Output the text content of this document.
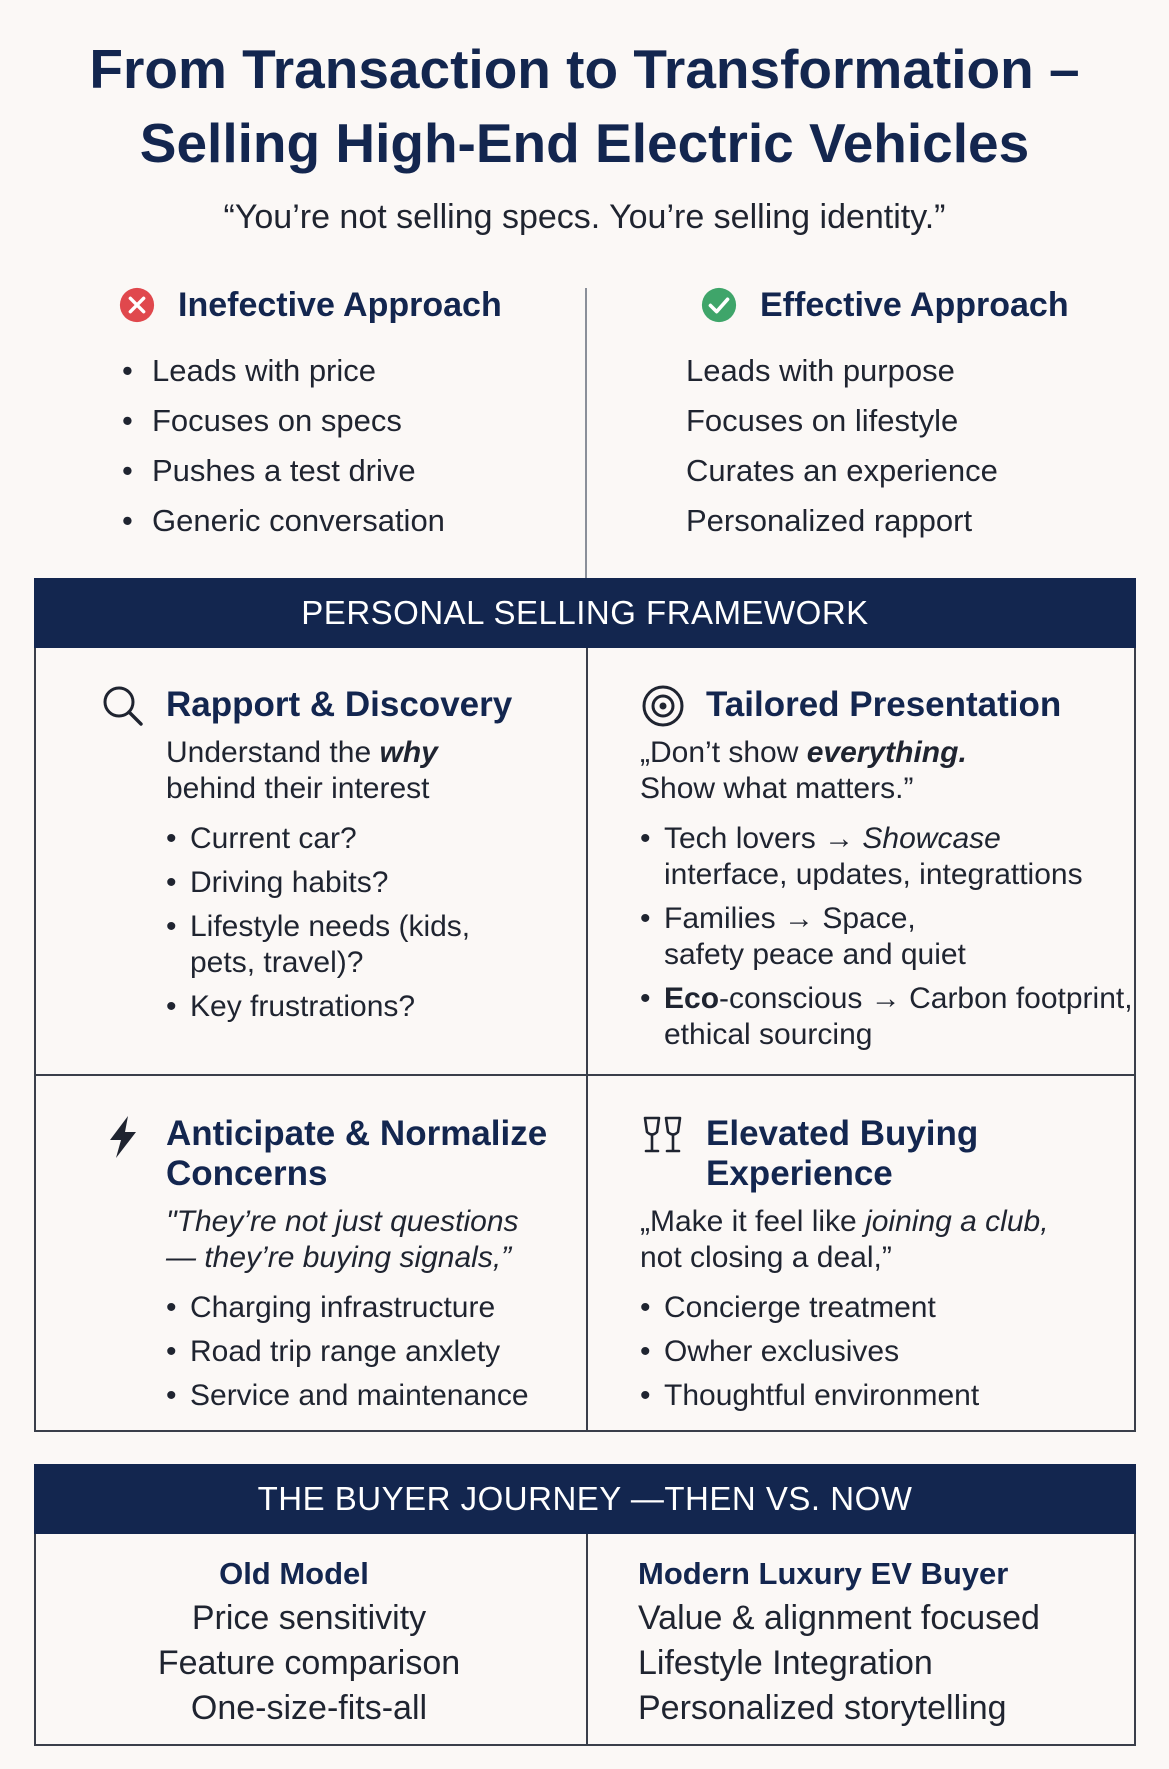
From Transaction to Transformation –
Selling High-End Electric Vehicles
“You’re not selling specs. You’re selling identity.”
Inefective Approach
• Leads with price
• Focuses on specs
• Pushes a test drive
• Generic conversation
Effective Approach
Leads with purpose
Focuses on lifestyle
Curates an experience
Personalized rapport
PERSONAL SELLING FRAMEWORK
Rapport & Discovery
Understand the why
behind their interest
• Current car?
• Driving habits?
• Lifestyle needs (kids, pets, travel)?
• Key frustrations?
Tailored Presentation
„Don’t show everything.
Show what matters.”
• Tech lovers → Showcase
interface, updates, integrattions
• Families → Space, safety peace and quiet
• Eco-conscious → Carbon footprint, ethical sourcing
Anticipate & Normalize
Concerns
"They’re not just questions
— they’re buying signals,”
• Charging infrastructure
• Road trip range anxlety
• Service and maintenance
Elevated Buying
Experience
„Make it feel like joining a club,
not closing a deal,”
• Concierge treatment
• Owher exclusives
• Thoughtful environment
THE BUYER JOURNEY —THEN VS. NOW
Old Model

Price sensitivity

Feature comparison

One-size-fits-all

Modern Luxury EV Buyer

Value & alignment focused

Lifestyle Integration

Personalized storytelling
